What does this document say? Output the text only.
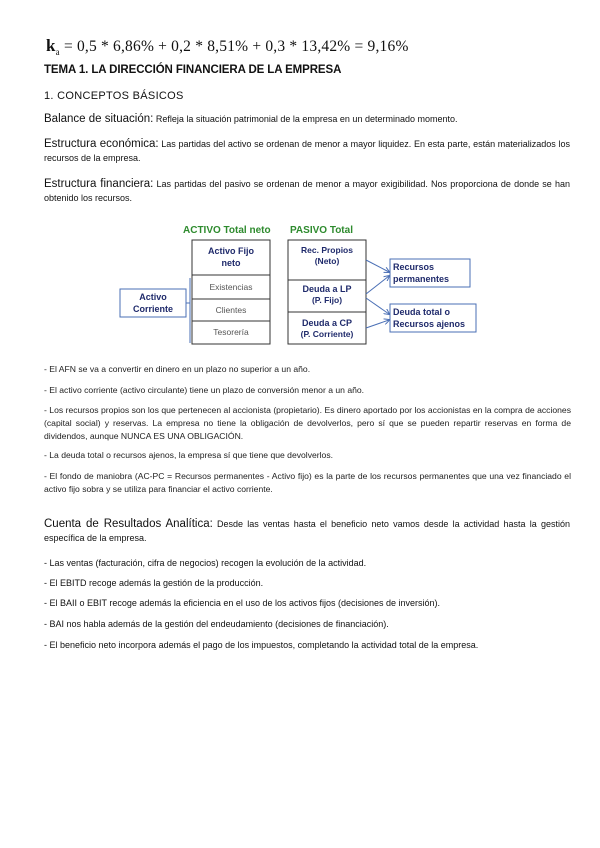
$k_a = 0,5 * 6,86\% + 0,2 * 8,51\% + 0,3 * 13,42\% = 9,16\%$
TEMA 1. LA DIRECCIÓN FINANCIERA DE LA EMPRESA
1. CONCEPTOS BÁSICOS
Balance de situación: Refleja la situación patrimonial de la empresa en un determinado momento.
Estructura económica: Las partidas del activo se ordenan de menor a mayor liquidez. En esta parte, están materializados los recursos de la empresa.
Estructura financiera: Las partidas del pasivo se ordenan de menor a mayor exigibilidad. Nos proporciona de donde se han obtenido los recursos.
ACTIVO Total neto PASIVO Total
Activo Fijo
neto
Existencias
Clientes
Tesorería
Activo
Corriente
Rec. Propios
(Neto)
Deuda a LP
(P. Fijo)
Deuda a CP
(P. Corriente)
Recursos
permanentes
Deuda total o
Recursos ajenos
- El AFN se va a convertir en dinero en un plazo no superior a un año.
- El activo corriente (activo circulante) tiene un plazo de conversión menor a un año.
- Los recursos propios son los que pertenecen al accionista (propietario). Es dinero aportado por los accionistas en la compra de acciones (capital social) y reservas. La empresa no tiene la obligación de devolverlos, pero sí que se pueden repartir reservas en forma de dividendos, aunque NUNCA ES UNA OBLIGACIÓN.
- La deuda total o recursos ajenos, la empresa sí que tiene que devolverlos.
- El fondo de maniobra (AC-PC = Recursos permanentes - Activo fijo) es la parte de los recursos permanentes que una vez financiado el activo fijo sobra y se utiliza para financiar el activo corriente.
Cuenta de Resultados Analítica: Desde las ventas hasta el beneficio neto vamos desde la actividad hasta la gestión específica de la empresa.
- Las ventas (facturación, cifra de negocios) recogen la evolución de la actividad.
- El EBITD recoge además la gestión de la producción.
- El BAII o EBIT recoge además la eficiencia en el uso de los activos fijos (decisiones de inversión).
- BAI nos habla además de la gestión del endeudamiento (decisiones de financiación).
- El beneficio neto incorpora además el pago de los impuestos, completando la actividad total de la empresa.
